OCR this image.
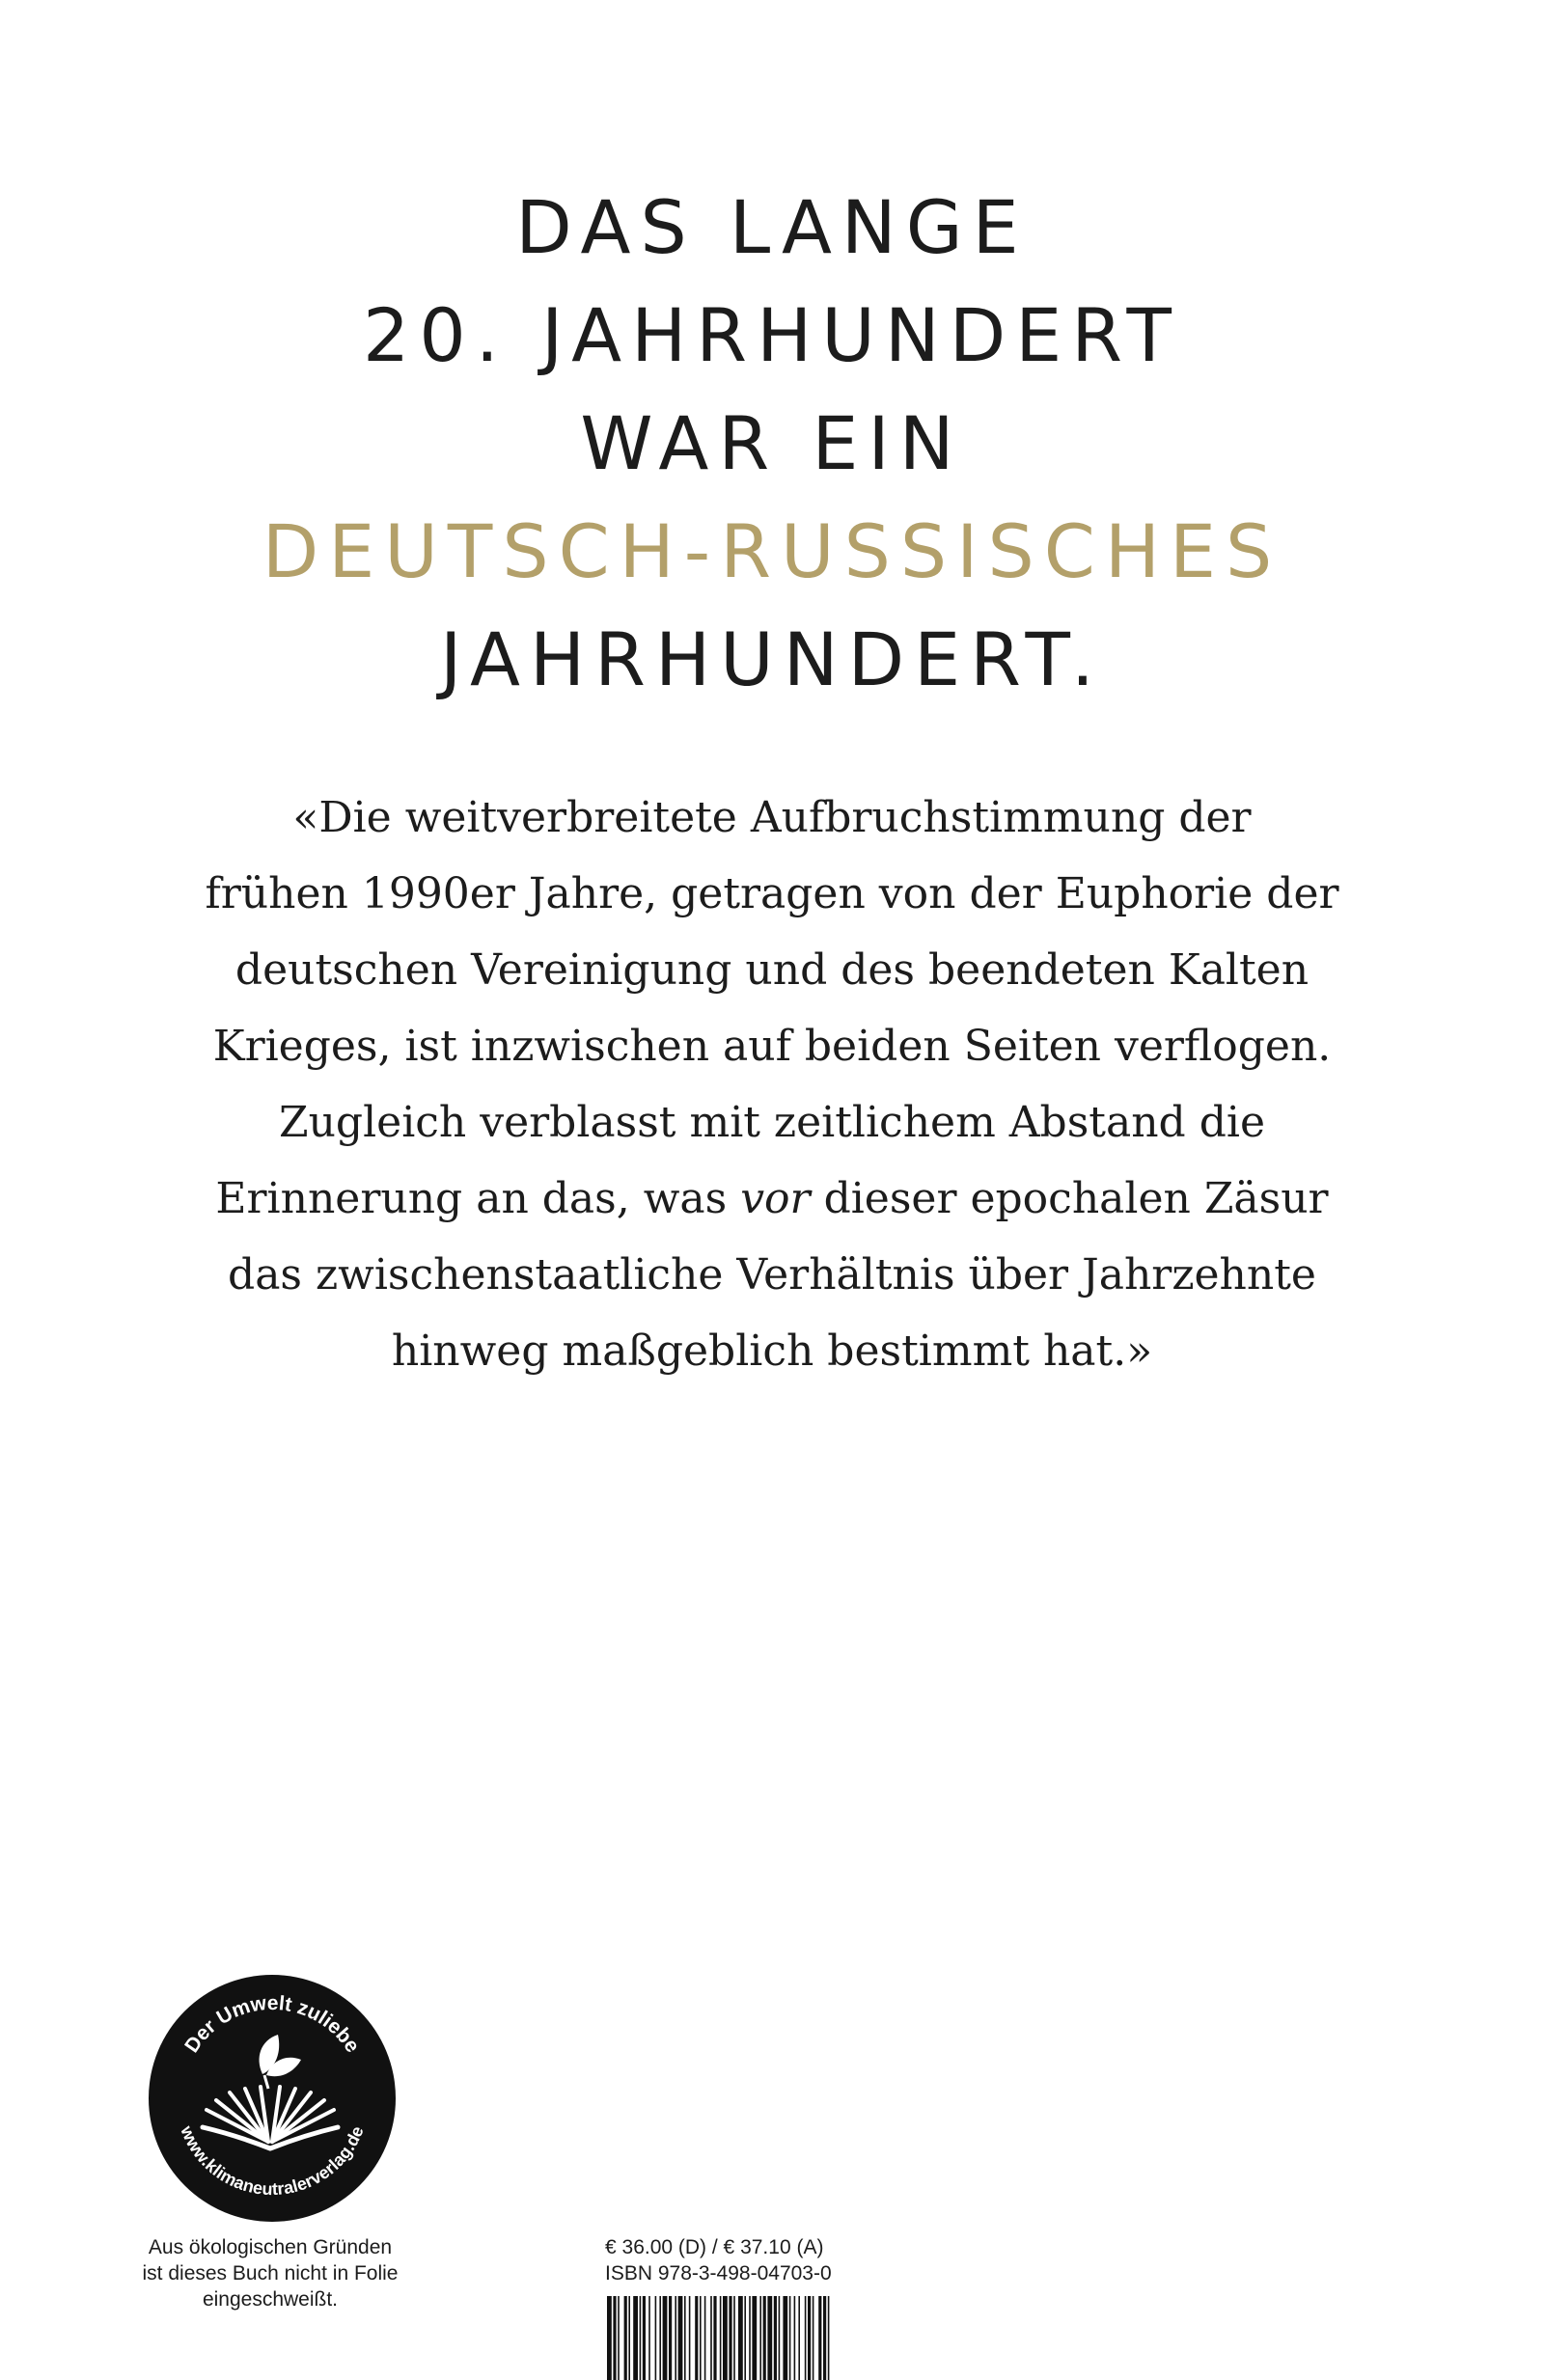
DAS LANGE
20. JAHRHUNDERT
WAR EIN
DEUTSCH-RUSSISCHES
JAHRHUNDERT.
«Die weitverbreitete Aufbruchstimmung der
frühen 1990er Jahre, getragen von der Euphorie der
deutschen Vereinigung und des beendeten Kalten
Krieges, ist inzwischen auf beiden Seiten verflogen.
Zugleich verblasst mit zeitlichem Abstand die
Erinnerung an das, was vor dieser epochalen Zäsur
das zwischenstaatliche Verhältnis über Jahrzehnte
hinweg maßgeblich bestimmt hat.»
Der Umwelt zuliebe
www.klimaneutralerverlag.de
Aus ökologischen Gründen
ist dieses Buch nicht in Folie
eingeschweißt.
€ 36.00 (D) / € 37.10 (A)
ISBN 978-3-498-04703-0
